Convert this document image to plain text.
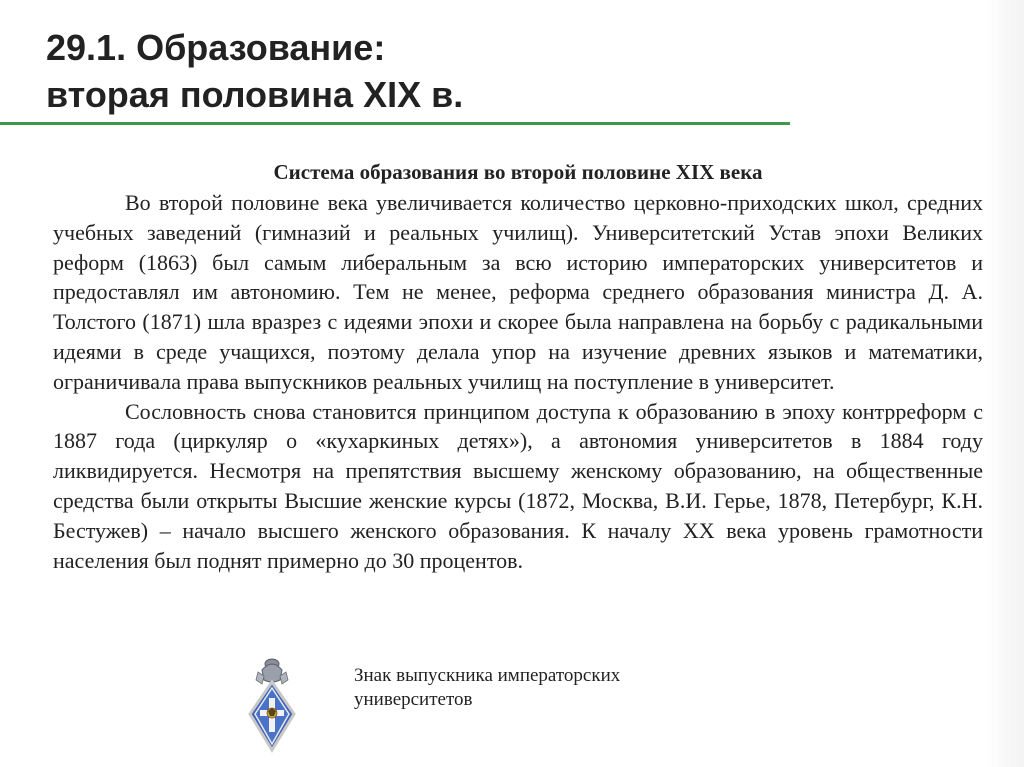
29.1. Образование:
вторая половина XIX в.

Система образования во второй половине XIX века

Во второй половине века увеличивается количество церковно-приходских школ, средних учебных заведений (гимназий и реальных училищ). Университетский Устав эпохи Великих реформ (1863) был самым либеральным за всю историю императорских университетов и предоставлял им автономию. Тем не менее, реформа среднего образования министра Д. А. Толстого (1871) шла вразрез с идеями эпохи и скорее была направлена на борьбу с радикальными идеями в среде учащихся, поэтому делала упор на изучение древних языков и математики, ограничивала права выпускников реальных училищ на поступление в университет.

Сословность снова становится принципом доступа к образованию в эпоху контрреформ с 1887 года (циркуляр о «кухаркиных детях»), а автономия университетов в 1884 году ликвидируется. Несмотря на препятствия высшему женскому образованию, на общественные средства были открыты Высшие женские курсы (1872, Москва, В.И. Герье, 1878, Петербург, К.Н. Бестужев) – начало высшего женского образования. К началу XX века уровень грамотности населения был поднят примерно до 30 процентов.

Знак выпускника императорских университетов
